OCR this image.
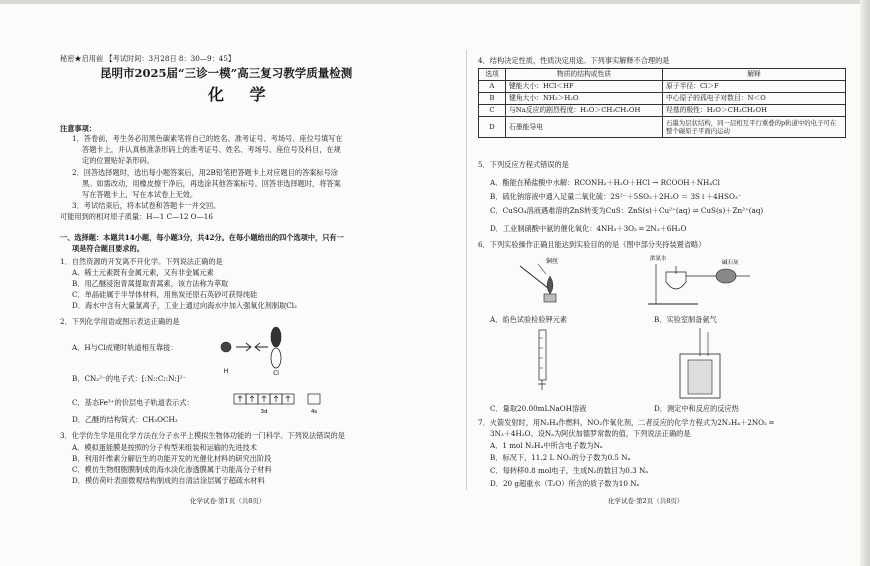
秘密★启用前 【考试时间：3月28日 8：30—9：45】
昆明市2025届“三诊一模”高三复习教学质量检测
化 学
注意事项：
1．答卷前，考生务必用黑色碳素笔将自己的姓名、准考证号、考场号、座位号填写在
答题卡上，并认真核准条形码上的准考证号、姓名、考场号、座位号及科目，在规
定的位置贴好条形码。
2．回答选择题时，选出每小题答案后，用2B铅笔把答题卡上对应题目的答案标号涂
黑。如需改动，用橡皮擦干净后，再选涂其他答案标号。回答非选择题时，将答案
写在答题卡上，写在本试卷上无效。
3．考试结束后，将本试卷和答题卡一并交回。
可能用到的相对原子质量：H—1 C—12 O—16
一、选择题：本题共14小题，每小题3分，共42分。在每小题给出的四个选项中，只有一
项是符合题目要求的。
1．自然资源的开发离不开化学。下列说法正确的是
A．稀土元素既有金属元素，又有非金属元素
B．用乙醚浸泡青蒿提取青蒿素，该方法称为萃取
C．单晶硅属于半导体材料，用焦炭还原石英砂可获得纯硅
D．海水中含有大量氯离子，工业上通过向海水中加入强氧化剂制取Cl₂
2．下列化学用语或图示表达正确的是
A．H与Cl成键时轨道相互靠拢：
H	Cl
B．CN₂²⁻的电子式：[:N::C::N:]²⁻
C．基态Fe³⁺的价层电子轨道表示式：
3d	4s
D．乙醚的结构简式：CH₃OCH₃
3．化学仿生学是用化学方法在分子水平上模拟生物体功能的一门科学。下列说法错误的是
A．模拟蛋能膜是按照的分子构型来组装和运输的先进技术
B．利用纤维素分解衍生的功能开发的光催化材料的研究出阶段
C．模仿生物细胞膜制成的海水淡化渗透膜属于功能高分子材料
D．模仿荷叶表面微观结构制成的自清洁涂层属于超疏水材料
化学试卷·第1页（共8页）
4．结构决定性质，性质决定用途。下列事实解释不合理的是
选项	物质的结构或性质	解释
A	键能大小：HCl＜HF	原子半径：Cl＞F
B	键角大小：NH₃＞H₂O	中心原子的孤电子对数目：N＜O
C	与Na反应的剧烈程度：H₂O＞CH₃CH₂OH	羟基的极性：H₂O＞CH₃CH₂OH
D	石墨能导电	石墨为层状结构，同一层相互平行重叠的p轨道中的电子可在整个碳原子平面内运动
5．下列反应方程式错误的是
A．酯能在稀盐酸中水解：RCONH₂＋H₂O＋HCl → RCOOH＋NH₄Cl
B．硫化钠溶液中通入足量二氧化硫：2S²⁻＋5SO₂＋2H₂O ＝ 3S↓＋4HSO₃⁻
C．CuSO₄溶液遇难溶的ZnS转变为CuS：ZnS(s)＋Cu²⁺(aq) ⇌ CuS(s)＋Zn²⁺(aq)
D．工业制硝酸中氨的催化氧化：4NH₃＋3O₂ ═ 2N₂＋6H₂O
6．下列实验操作正确且能达到实验目的的是（图中部分夹持装置省略）
铜丝	浓氨水
碱石灰
A．焰色试验检验钾元素	B．实验室制备氨气
C．量取20.00mLNaOH溶液	D．测定中和反应的反应热
7．火箭发射时，用N₂H₄作燃料，NO₂作氧化剂，二者反应的化学方程式为2N₂H₄＋2NO₂ ═
3N₂＋4H₂O。设Nₐ为阿伏加德罗常数的值，下列说法正确的是
A．1 mol N₂H₄中所含电子数为Nₐ
B．标况下，11.2 L NO₂的分子数为0.5 Nₐ
C．每转移0.8 mol电子，生成N₂的数目为0.3 Nₐ
D．20 g超重水（T₂O）所含的质子数为10 Nₐ
化学试卷·第2页（共8页）
